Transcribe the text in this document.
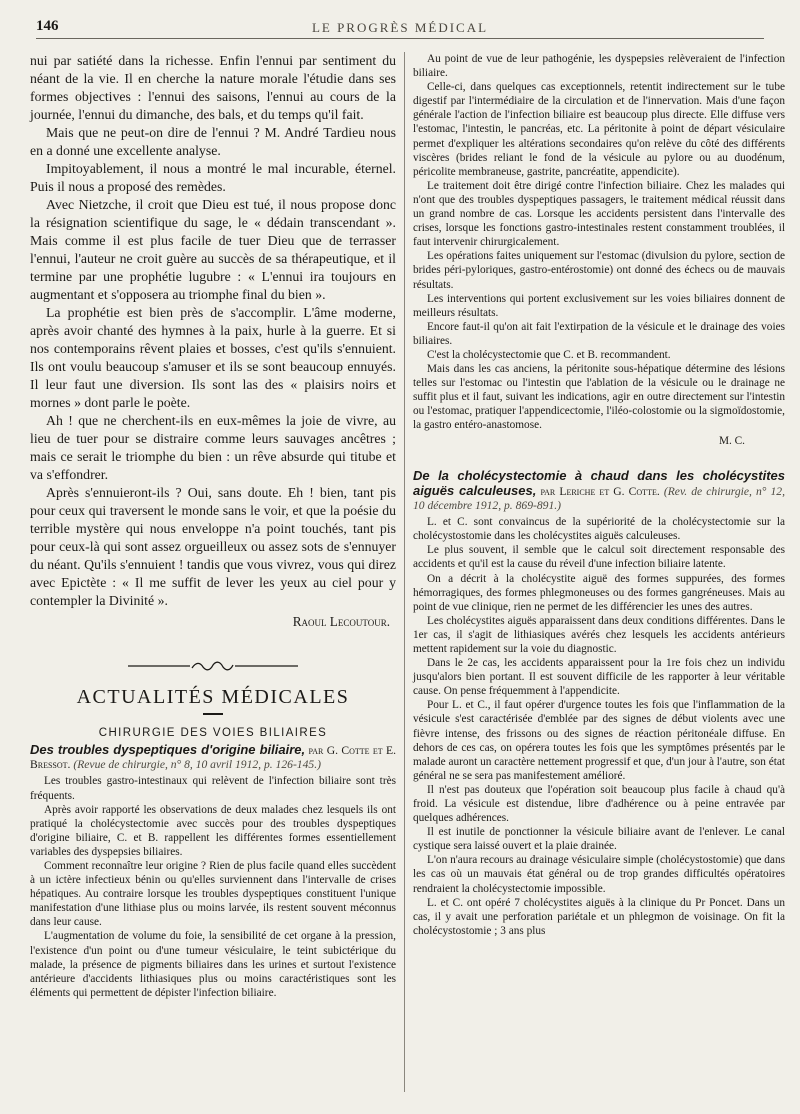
146	LE PROGRÈS MÉDICAL

nui par satiété dans la richesse. Enfin l'ennui par sentiment du néant de la vie. Il en cherche la nature morale l'étudie dans ses formes objectives : l'ennui des saisons, l'ennui au cours de la journée, l'ennui du dimanche, des bals, et du temps qu'il fait.

Mais que ne peut-on dire de l'ennui ? M. André Tardieu nous en a donné une excellente analyse.

Impitoyablement, il nous a montré le mal incurable, éternel. Puis il nous a proposé des remèdes.

Avec Nietzche, il croit que Dieu est tué, il nous propose donc la résignation scientifique du sage, le « dédain transcendant ». Mais comme il est plus facile de tuer Dieu que de terrasser l'ennui, l'auteur ne croit guère au succès de sa thérapeutique, et il termine par une prophétie lugubre : « L'ennui ira toujours en augmentant et s'opposera au triomphe final du bien ».

La prophétie est bien près de s'accomplir. L'âme moderne, après avoir chanté des hymnes à la paix, hurle à la guerre. Et si nos contemporains rêvent plaies et bosses, c'est qu'ils s'ennuient. Ils ont voulu beaucoup s'amuser et ils se sont beaucoup ennuyés. Il leur faut une diversion. Ils sont las des « plaisirs noirs et mornes » dont parle le poète.

Ah ! que ne cherchent-ils en eux-mêmes la joie de vivre, au lieu de tuer pour se distraire comme leurs sauvages ancêtres ; mais ce serait le triomphe du bien : un rêve absurde qui titube et va s'effondrer.

Après s'ennuieront-ils ? Oui, sans doute. Eh ! bien, tant pis pour ceux qui traversent le monde sans le voir, et que la poésie du terrible mystère qui nous enveloppe n'a point touchés, tant pis pour ceux-là qui sont assez orgueilleux ou assez sots de s'ennuyer du néant. Qu'ils s'ennuient ! tandis que vous vivrez, vous qui direz avec Epictète : « Il me suffit de lever les yeux au ciel pour y contempler la Divinité ».

Raoul Lecoutour.

ACTUALITÉS MÉDICALES
CHIRURGIE DES VOIES BILIAIRES

Des troubles dyspeptiques d'origine biliaire, par G. Cotte et E. Bressot. (Revue de chirurgie, n° 8, 10 avril 1912, p. 126-145.)

Les troubles gastro-intestinaux qui relèvent de l'infection biliaire sont très fréquents.

Après avoir rapporté les observations de deux malades chez lesquels ils ont pratiqué la cholécystectomie avec succès pour des troubles dyspeptiques d'origine biliaire, C. et B. rappellent les différentes formes essentiellement variables des dyspepsies biliaires.

Comment reconnaître leur origine ? Rien de plus facile quand elles succèdent à un ictère infectieux bénin ou qu'elles surviennent dans l'intervalle de crises hépatiques. Au contraire lorsque les troubles dyspeptiques constituent l'unique manifestation d'une lithiase plus ou moins larvée, ils restent souvent méconnus dans leur cause.

L'augmentation de volume du foie, la sensibilité de cet organe à la pression, l'existence d'un point ou d'une tumeur vésiculaire, le teint subictérique du malade, la présence de pigments biliaires dans les urines et surtout l'existence antérieure d'accidents lithiasiques plus ou moins caractéristiques sont les éléments qui permettent de dépister l'infection biliaire.

Au point de vue de leur pathogénie, les dyspepsies relèveraient de l'infection biliaire.

Celle-ci, dans quelques cas exceptionnels, retentit indirectement sur le tube digestif par l'intermédiaire de la circulation et de l'innervation. Mais d'une façon générale l'action de l'infection biliaire est beaucoup plus directe. Elle diffuse vers l'estomac, l'intestin, le pancréas, etc. La péritonite à point de départ vésiculaire permet d'expliquer les altérations secondaires qu'on relève du côté des différents viscères (brides reliant le fond de la vésicule au pylore ou au duodénum, péricolite membraneuse, gastrite, pancréatite, appendicite).

Le traitement doit être dirigé contre l'infection biliaire. Chez les malades qui n'ont que des troubles dyspeptiques passagers, le traitement médical réussit dans un grand nombre de cas. Lorsque les accidents persistent dans l'intervalle des crises, lorsque les fonctions gastro-intestinales restent constamment troublées, il faut intervenir chirurgicalement.

Les opérations faites uniquement sur l'estomac (divulsion du pylore, section de brides péri-pyloriques, gastro-entérostomie) ont donné des échecs ou de mauvais résultats.

Les interventions qui portent exclusivement sur les voies biliaires donnent de meilleurs résultats.

Encore faut-il qu'on ait fait l'extirpation de la vésicule et le drainage des voies biliaires.

C'est la cholécystectomie que C. et B. recommandent.

Mais dans les cas anciens, la péritonite sous-hépatique détermine des lésions telles sur l'estomac ou l'intestin que l'ablation de la vésicule ou le drainage ne suffit plus et il faut, suivant les indications, agir en outre directement sur l'intestin ou l'estomac, pratiquer l'appendicectomie, l'iléo-colostomie ou la sigmoïdostomie, la gastro entéro-anastomose.

M. C.

De la cholécystectomie à chaud dans les cholécystites aiguës calculeuses, par Leriche et G. Cotte. (Rev. de chirurgie, n° 12, 10 décembre 1912, p. 869-891.)

L. et C. sont convaincus de la supériorité de la cholécystectomie sur la cholécystostomie dans les cholécystites aiguës calculeuses.

Le plus souvent, il semble que le calcul soit directement responsable des accidents et qu'il est la cause du réveil d'une infection biliaire latente.

On a décrit à la cholécystite aiguë des formes suppurées, des formes hémorragiques, des formes phlegmoneuses ou des formes gangréneuses. Mais au point de vue clinique, rien ne permet de les différencier les unes des autres.

Les cholécystites aiguës apparaissent dans deux conditions différentes. Dans le 1er cas, il s'agit de lithiasiques avérés chez lesquels les accidents antérieurs mettent rapidement sur la voie du diagnostic.

Dans le 2e cas, les accidents apparaissent pour la 1re fois chez un individu jusqu'alors bien portant. Il est souvent difficile de les rapporter à leur véritable cause. On pense fréquemment à l'appendicite.

Pour L. et C., il faut opérer d'urgence toutes les fois que l'inflammation de la vésicule s'est caractérisée d'emblée par des signes de début violents avec une fièvre intense, des frissons ou des signes de réaction péritonéale diffuse. En dehors de ces cas, on opérera toutes les fois que les symptômes présentés par le malade auront un caractère nettement progressif et que, d'un jour à l'autre, son état général ne se sera pas manifestement amélioré.

Il n'est pas douteux que l'opération soit beaucoup plus facile à chaud qu'à froid. La vésicule est distendue, libre d'adhérence ou à peine entravée par quelques adhérences.

Il est inutile de ponctionner la vésicule biliaire avant de l'enlever. Le canal cystique sera laissé ouvert et la plaie drainée.

L'on n'aura recours au drainage vésiculaire simple (cholécystostomie) que dans les cas où un mauvais état général ou de trop grandes difficultés opératoires rendraient la cholécystectomie impossible.

L. et C. ont opéré 7 cholécystites aiguës à la clinique du Pr Poncet. Dans un cas, il y avait une perforation pariétale et un phlegmon de voisinage. On fit la cholécystostomie ; 3 ans plus
